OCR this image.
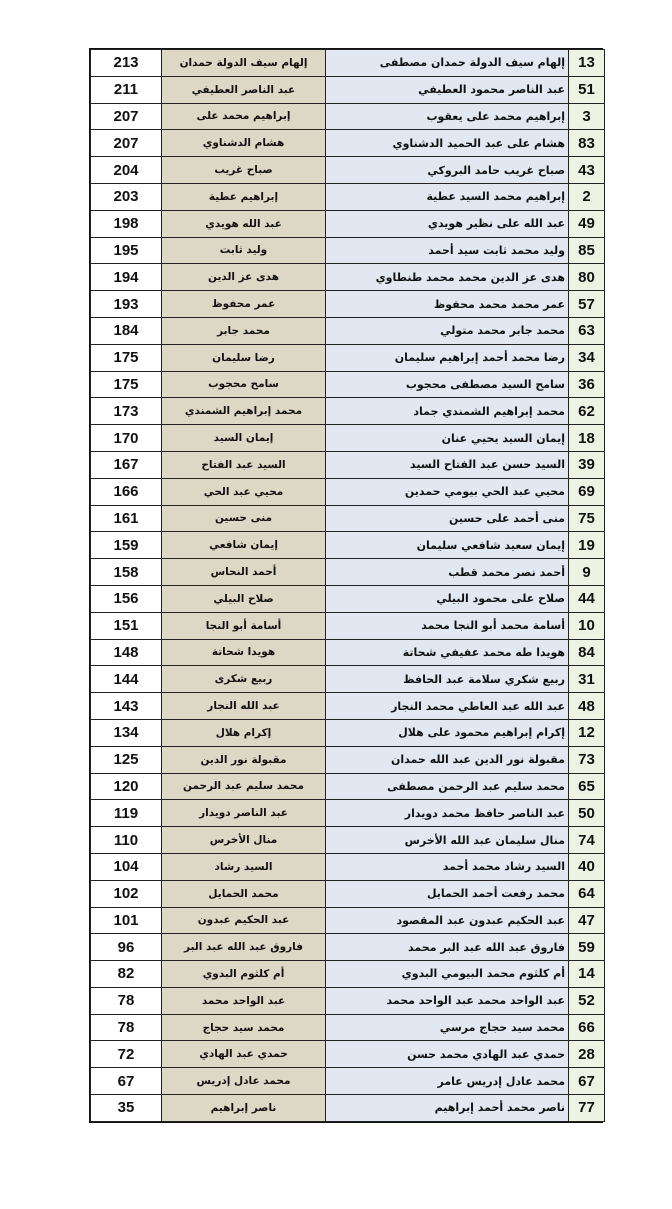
213	إلهام سيف الدولة حمدان	إلهام سيف الدولة حمدان مصطفى	13
211	عبد الناصر العطيفي	عبد الناصر محمود العطيفي	51
207	إبراهيم محمد على	إبراهيم محمد على يعقوب	3
207	هشام الدشناوي	هشام على عبد الحميد الدشناوي	83
204	صباح غريب	صباح غريب حامد البروكي	43
203	إبراهيم عطية	إبراهيم محمد السيد عطية	2
198	عبد الله هويدي	عبد الله على نظير هويدي	49
195	وليد ثابت	وليد محمد ثابت سيد أحمد	85
194	هدى عز الدين	هدى عز الدين محمد محمد طنطاوي	80
193	عمر محفوظ	عمر محمد محمد محفوظ	57
184	محمد جابر	محمد جابر محمد متولي	63
175	رضا سليمان	رضا محمد أحمد إبراهيم سليمان	34
175	سامح محجوب	سامح السيد مصطفى محجوب	36
173	محمد إبراهيم الشمندي	محمد إبراهيم الشمندي جماد	62
170	إيمان السيد	إيمان السيد يحيي عنان	18
167	السيد عبد الفتاح	السيد حسن عبد الفتاح السيد	39
166	محيي عبد الحي	محيي عبد الحي بيومي حمدين	69
161	منى حسين	منى أحمد على حسين	75
159	إيمان شافعي	إيمان سعيد شافعي سليمان	19
158	أحمد النحاس	أحمد نصر محمد قطب	9
156	صلاح البيلي	صلاح على محمود البيلي	44
151	أسامة أبو النجا	أسامة محمد أبو النجا محمد	10
148	هويدا شحاتة	هويدا طه محمد عفيفي شحاتة	84
144	ربيع شكرى	ربيع شكري سلامة عبد الحافظ	31
143	عبد الله النجار	عبد الله عبد العاطي محمد النجار	48
134	إكرام هلال	إكرام إبراهيم محمود على هلال	12
125	مقبولة نور الدين	مقبولة نور الدين عبد الله حمدان	73
120	محمد سليم عبد الرحمن	محمد سليم عبد الرحمن مصطفى	65
119	عبد الناصر دويدار	عبد الناصر حافظ محمد دويدار	50
110	منال الأخرس	منال سليمان عبد الله الأخرس	74
104	السيد رشاد	السيد رشاد محمد أحمد	40
102	محمد الحمايل	محمد رفعت أحمد الحمايل	64
101	عبد الحكيم عبدون	عبد الحكيم عبدون عبد المقصود	47
96	فاروق عبد الله عبد البر	فاروق عبد الله عبد البر محمد	59
82	أم كلثوم البدوي	أم كلثوم محمد البيومي البدوي	14
78	عبد الواحد محمد	عبد الواحد محمد عبد الواحد محمد	52
78	محمد سيد حجاج	محمد سيد حجاج مرسي	66
72	حمدي عبد الهادي	حمدي عبد الهادي محمد حسن	28
67	محمد عادل إدريس	محمد عادل إدريس عامر	67
35	ناصر إبراهيم	ناصر محمد أحمد إبراهيم	77
